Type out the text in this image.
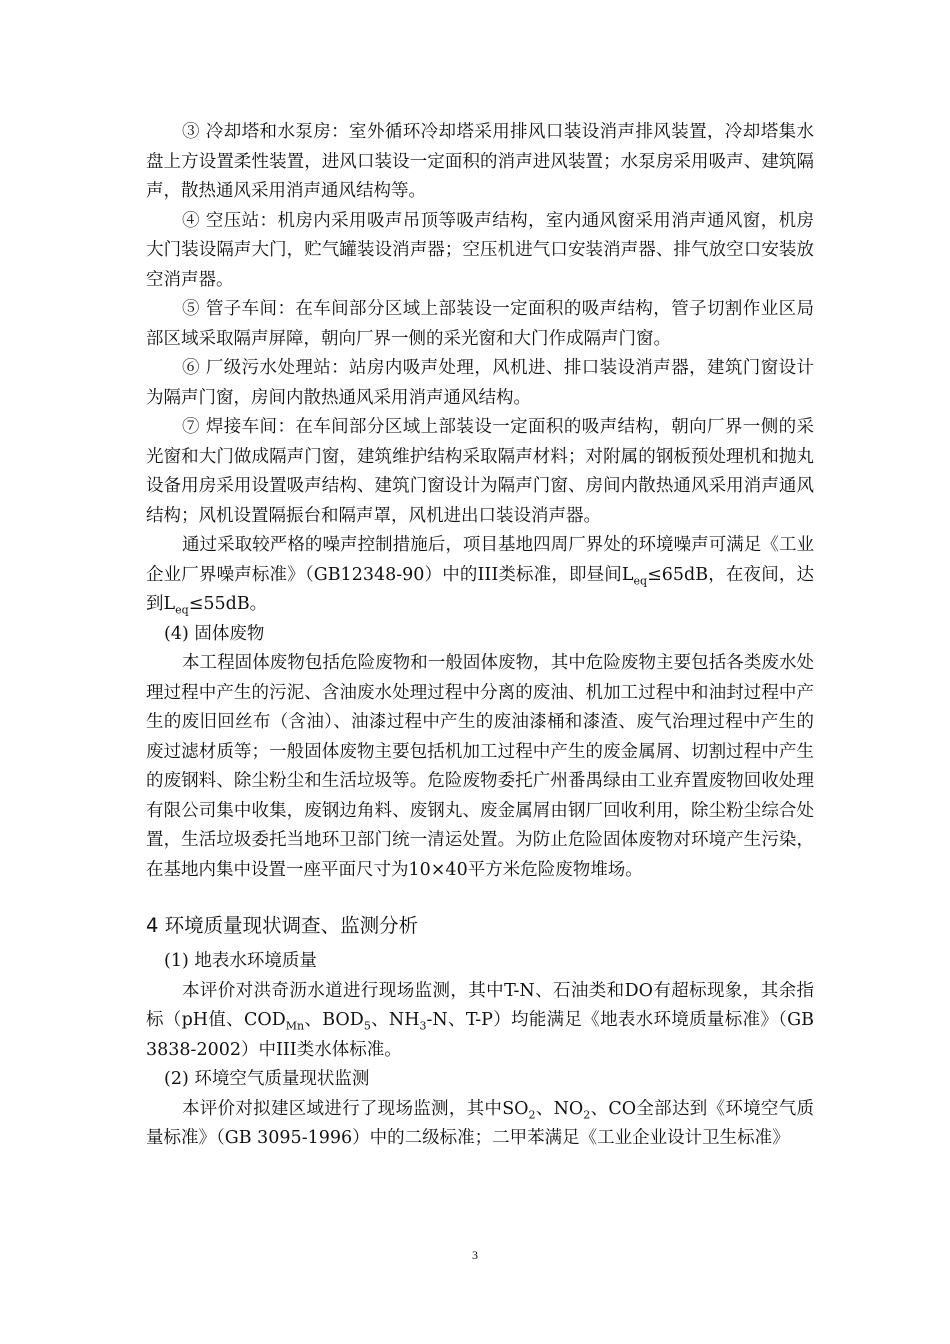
③ 冷却塔和水泵房：室外循环冷却塔采用排风口装设消声排风装置，冷却塔集水盘上方设置柔性装置，进风口装设一定面积的消声进风装置；水泵房采用吸声、建筑隔声，散热通风采用消声通风结构等。

④ 空压站：机房内采用吸声吊顶等吸声结构，室内通风窗采用消声通风窗，机房大门装设隔声大门，贮气罐装设消声器；空压机进气口安装消声器、排气放空口安装放空消声器。

⑤ 管子车间：在车间部分区域上部装设一定面积的吸声结构，管子切割作业区局部区域采取隔声屏障，朝向厂界一侧的采光窗和大门作成隔声门窗。

⑥ 厂级污水处理站：站房内吸声处理，风机进、排口装设消声器，建筑门窗设计为隔声门窗，房间内散热通风采用消声通风结构。

⑦ 焊接车间：在车间部分区域上部装设一定面积的吸声结构，朝向厂界一侧的采光窗和大门做成隔声门窗，建筑维护结构采取隔声材料；对附属的钢板预处理机和抛丸设备用房采用设置吸声结构、建筑门窗设计为隔声门窗、房间内散热通风采用消声通风结构；风机设置隔振台和隔声罩，风机进出口装设消声器。

通过采取较严格的噪声控制措施后，项目基地四周厂界处的环境噪声可满足《工业企业厂界噪声标准》（GB12348-90）中的III类标准，即昼间$L_{eq}\le 65dB$，在夜间，达到$L_{eq}\le 55dB$。

(4) 固体废物

本工程固体废物包括危险废物和一般固体废物，其中危险废物主要包括各类废水处理过程中产生的污泥、含油废水处理过程中分离的废油、机加工过程中和油封过程中产生的废旧回丝布（含油）、油漆过程中产生的废油漆桶和漆渣、废气治理过程中产生的废过滤材质等；一般固体废物主要包括机加工过程中产生的废金属屑、切割过程中产生的废钢料、除尘粉尘和生活垃圾等。危险废物委托广州番禺绿由工业弃置废物回收处理有限公司集中收集，废钢边角料、废钢丸、废金属屑由钢厂回收利用，除尘粉尘综合处置，生活垃圾委托当地环卫部门统一清运处置。为防止危险固体废物对环境产生污染，在基地内集中设置一座平面尺寸为10×40平方米危险废物堆场。

4 环境质量现状调查、监测分析

(1) 地表水环境质量

本评价对洪奇沥水道进行现场监测，其中T-N、石油类和DO有超标现象，其余指标（pH值、$COD_{Mn}$、$BOD_5$、$NH_3-N$、T-P）均能满足《地表水环境质量标准》（GB 3838-2002）中III类水体标准。

(2) 环境空气质量现状监测

本评价对拟建区域进行了现场监测，其中$SO_2$、$NO_2$、CO全部达到《环境空气质量标准》（GB 3095-1996）中的二级标准；二甲苯满足《工业企业设计卫生标准》

3
